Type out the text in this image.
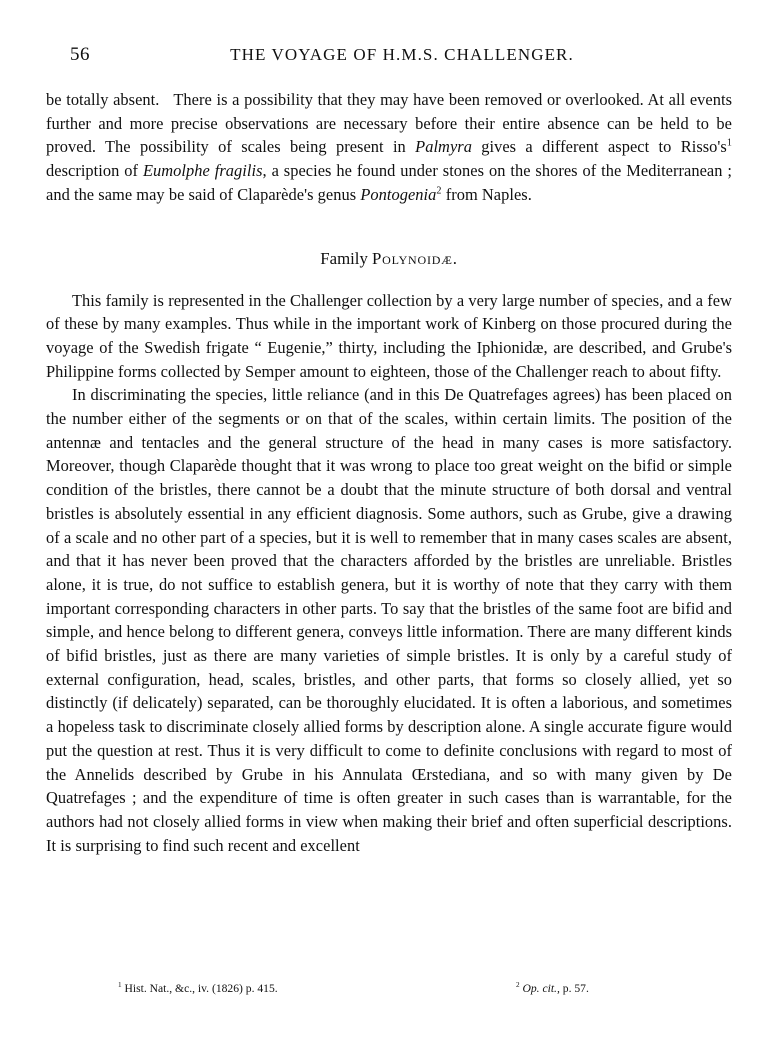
56	THE VOYAGE OF H.M.S. CHALLENGER.

be totally absent. There is a possibility that they may have been removed or overlooked. At all events further and more precise observations are necessary before their entire absence can be held to be proved. The possibility of scales being present in Palmyra gives a different aspect to $Risso's^1$ description of Eumolphe fragilis, a species he found under stones on the shores of the Mediterranean ; and the same may be said of Claparède's genus Pontogenia$^2$ from Naples.

Family Polynoidæ.

This family is represented in the Challenger collection by a very large number of species, and a few of these by many examples. Thus while in the important work of Kinberg on those procured during the voyage of the Swedish frigate “ Eugenie,” thirty, including the Iphionidæ, are described, and Grube's Philippine forms collected by Semper amount to eighteen, those of the Challenger reach to about fifty.

In discriminating the species, little reliance (and in this De Quatrefages agrees) has been placed on the number either of the segments or on that of the scales, within certain limits. The position of the antennæ and tentacles and the general structure of the head in many cases is more satisfactory. Moreover, though Claparède thought that it was wrong to place too great weight on the bifid or simple condition of the bristles, there cannot be a doubt that the minute structure of both dorsal and ventral bristles is absolutely essential in any efficient diagnosis. Some authors, such as Grube, give a drawing of a scale and no other part of a species, but it is well to remember that in many cases scales are absent, and that it has never been proved that the characters afforded by the bristles are unreliable. Bristles alone, it is true, do not suffice to establish genera, but it is worthy of note that they carry with them important corresponding characters in other parts. To say that the bristles of the same foot are bifid and simple, and hence belong to different genera, conveys little information. There are many different kinds of bifid bristles, just as there are many varieties of simple bristles. It is only by a careful study of external configuration, head, scales, bristles, and other parts, that forms so closely allied, yet so distinctly (if delicately) separated, can be thoroughly elucidated. It is often a laborious, and sometimes a hopeless task to discriminate closely allied forms by description alone. A single accurate figure would put the question at rest. Thus it is very difficult to come to definite conclusions with regard to most of the Annelids described by Grube in his Annulata Œrstediana, and so with many given by De Quatrefages ; and the expenditure of time is often greater in such cases than is warrantable, for the authors had not closely allied forms in view when making their brief and often superficial descriptions. It is surprising to find such recent and excellent

$^1$ Hist. Nat., &c., iv. (1826) p. 415.	$^2$ Op. cit., p. 57.
